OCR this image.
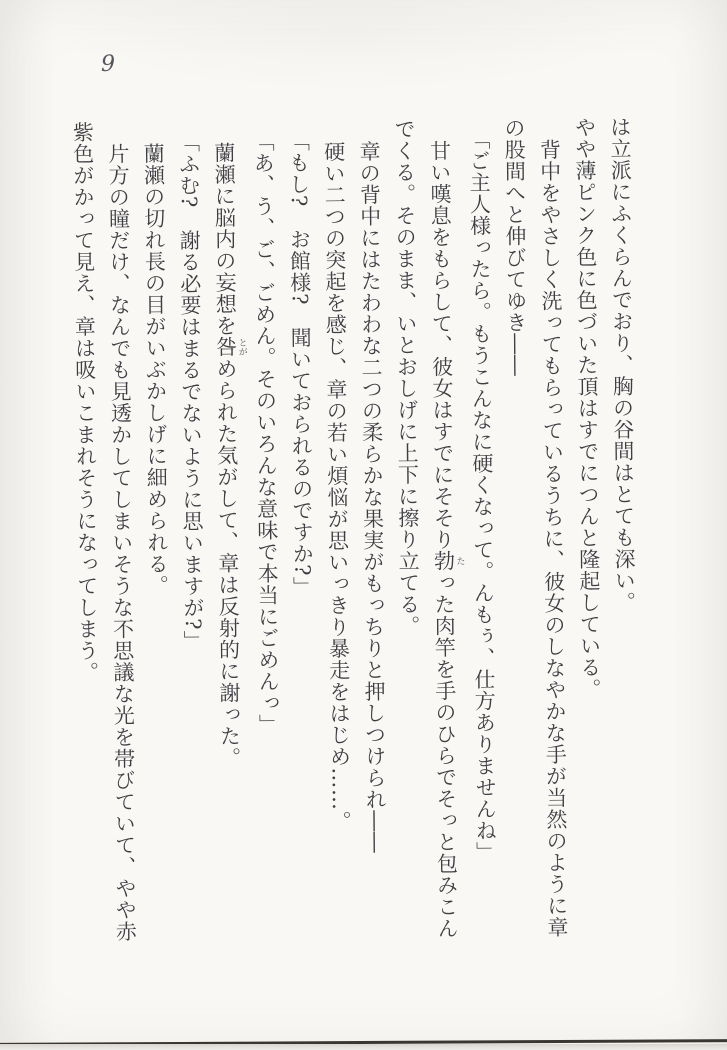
9

は立派にふくらんでおり、胸の谷間はとても深い。

やや薄ピンク色に色づいた頂はすでにつんと隆起している。

背中をやさしく洗ってもらっているうちに、彼女のしなやかな手が当然のように章

の股間へと伸びてゆき――

「ご主人様ったら。もうこんなに硬くなって。んもぅ、仕方ありませんね」

甘い嘆息をもらして、彼女はすでにそそり勃たった肉竿を手のひらでそっと包みこん

でくる。そのまま、いとおしげに上下に擦り立てる。

章の背中にはたわわな二つの柔らかな果実がもっちりと押しつけられ――

硬い二つの突起を感じ、章の若い煩悩が思いっきり暴走をはじめ……。

「もし?　お館様?　聞いておられるのですか?」

「あ、う、ご、ごめん。そのいろんな意味で本当にごめんっ」

蘭瀬に脳内の妄想を咎とがめられた気がして、章は反射的に謝った。

「ふむ?　謝る必要はまるでないように思いますが?」

蘭瀬の切れ長の目がいぶかしげに細められる。

片方の瞳だけ、なんでも見透かしてしまいそうな不思議な光を帯びていて、やや赤

紫色がかって見え、章は吸いこまれそうになってしまう。
